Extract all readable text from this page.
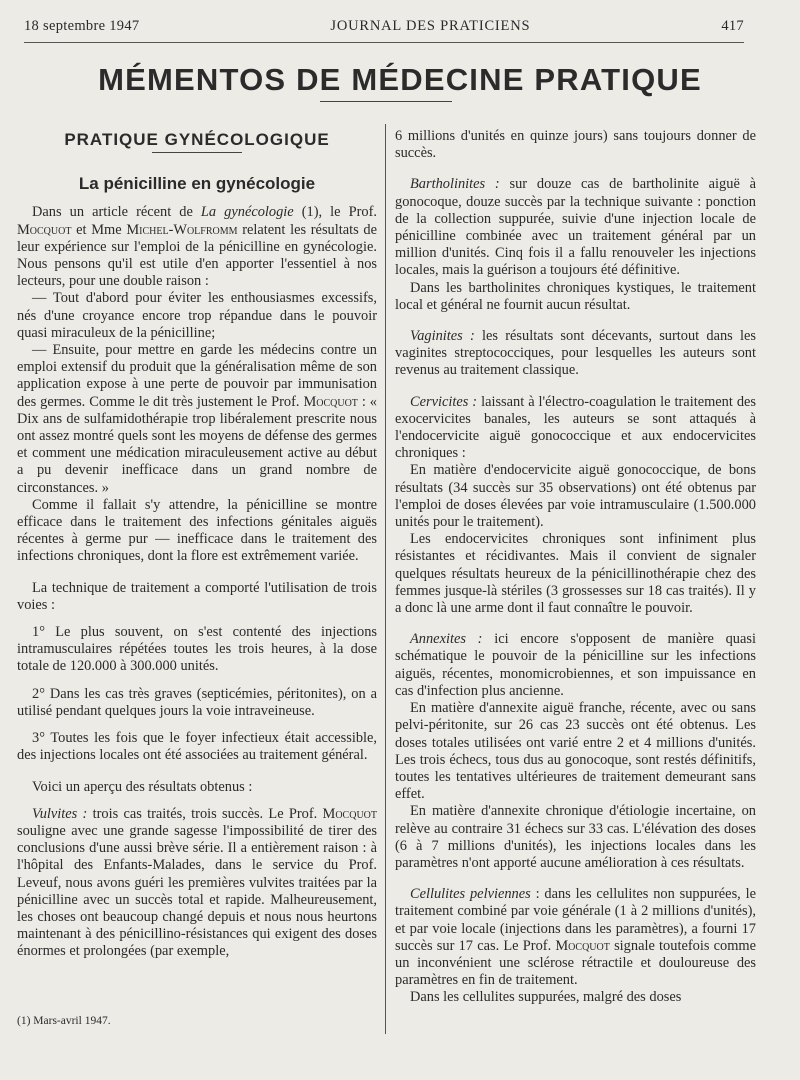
18 septembre 1947	JOURNAL DES PRATICIENS	417
MÉMENTOS DE MÉDECINE PRATIQUE
PRATIQUE GYNÉCOLOGIQUE
La pénicilline en gynécologie

Dans un article récent de La gynécologie (1), le Prof. Mocquot et Mme Michel-Wolfromm relatent les résultats de leur expérience sur l'emploi de la pénicilline en gynécologie. Nous pensons qu'il est utile d'en apporter l'essentiel à nos lecteurs, pour une double raison :

— Tout d'abord pour éviter les enthousiasmes excessifs, nés d'une croyance encore trop répandue dans le pouvoir quasi miraculeux de la pénicilline;

— Ensuite, pour mettre en garde les médecins contre un emploi extensif du produit que la généralisation même de son application expose à une perte de pouvoir par immunisation des germes. Comme le dit très justement le Prof. Mocquot : « Dix ans de sulfamidothérapie trop libéralement prescrite nous ont assez montré quels sont les moyens de défense des germes et comment une médication miraculeusement active au début a pu devenir inefficace dans un grand nombre de circonstances. »

Comme il fallait s'y attendre, la pénicilline se montre efficace dans le traitement des infections génitales aiguës récentes à germe pur — inefficace dans le traitement des infections chroniques, dont la flore est extrêmement variée.

La technique de traitement a comporté l'utilisation de trois voies :

1° Le plus souvent, on s'est contenté des injections intramusculaires répétées toutes les trois heures, à la dose totale de 120.000 à 300.000 unités.

2° Dans les cas très graves (septicémies, péritonites), on a utilisé pendant quelques jours la voie intraveineuse.

3° Toutes les fois que le foyer infectieux était accessible, des injections locales ont été associées au traitement général.

Voici un aperçu des résultats obtenus :

Vulvites : trois cas traités, trois succès. Le Prof. Mocquot souligne avec une grande sagesse l'impossibilité de tirer des conclusions d'une aussi brève série. Il a entièrement raison : à l'hôpital des Enfants-Malades, dans le service du Prof. Leveuf, nous avons guéri les premières vulvites traitées par la pénicilline avec un succès total et rapide. Malheureusement, les choses ont beaucoup changé depuis et nous nous heurtons maintenant à des pénicillino-résistances qui exigent des doses énormes et prolongées (par exemple,

6 millions d'unités en quinze jours) sans toujours donner de succès.

Bartholinites : sur douze cas de bartholinite aiguë à gonocoque, douze succès par la technique suivante : ponction de la collection suppurée, suivie d'une injection locale de pénicilline combinée avec un traitement général par un million d'unités. Cinq fois il a fallu renouveler les injections locales, mais la guérison a toujours été définitive.

Dans les bartholinites chroniques kystiques, le traitement local et général ne fournit aucun résultat.

Vaginites : les résultats sont décevants, surtout dans les vaginites streptococciques, pour lesquelles les auteurs sont revenus au traitement classique.

Cervicites : laissant à l'électro-coagulation le traitement des exocervicites banales, les auteurs se sont attaqués à l'endocervicite aiguë gonococcique et aux endocervicites chroniques :

En matière d'endocervicite aiguë gonococcique, de bons résultats (34 succès sur 35 observations) ont été obtenus par l'emploi de doses élevées par voie intramusculaire (1.500.000 unités pour le traitement).

Les endocervicites chroniques sont infiniment plus résistantes et récidivantes. Mais il convient de signaler quelques résultats heureux de la pénicillinothérapie chez des femmes jusque-là stériles (3 grossesses sur 18 cas traités). Il y a donc là une arme dont il faut connaître le pouvoir.

Annexites : ici encore s'opposent de manière quasi schématique le pouvoir de la pénicilline sur les infections aiguës, récentes, monomicrobiennes, et son impuissance en cas d'infection plus ancienne.

En matière d'annexite aiguë franche, récente, avec ou sans pelvi-péritonite, sur 26 cas 23 succès ont été obtenus. Les doses totales utilisées ont varié entre 2 et 4 millions d'unités. Les trois échecs, tous dus au gonocoque, sont restés définitifs, toutes les tentatives ultérieures de traitement demeurant sans effet.

En matière d'annexite chronique d'étiologie incertaine, on relève au contraire 31 échecs sur 33 cas. L'élévation des doses (6 à 7 millions d'unités), les injections locales dans les paramètres n'ont apporté aucune amélioration à ces résultats.

Cellulites pelviennes : dans les cellulites non suppurées, le traitement combiné par voie générale (1 à 2 millions d'unités), et par voie locale (injections dans les paramètres), a fourni 17 succès sur 17 cas. Le Prof. Mocquot signale toutefois comme un inconvénient une sclérose rétractile et douloureuse des paramètres en fin de traitement.

Dans les cellulites suppurées, malgré des doses

(1) Mars-avril 1947.
